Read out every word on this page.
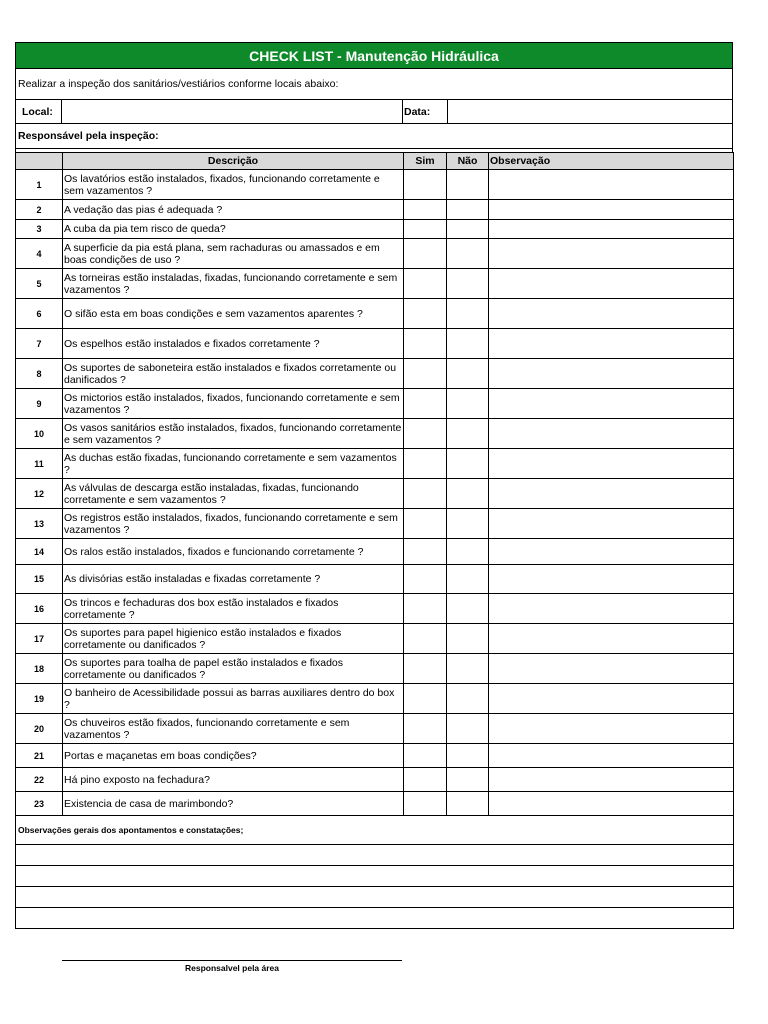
CHECK LIST - Manutenção Hidráulica
Realizar a inspeção dos sanitários/vestiários conforme locais abaixo:
Local:	Data:
Responsável pela inspeção:
	Descrição	Sim	Não	Observação
1	Os lavatórios estão instalados, fixados, funcionando corretamente e sem vazamentos ?			
2	A vedação das pias é adequada ?			
3	A cuba da pia tem risco de queda?			
4	A superficie da pia está plana, sem rachaduras ou amassados e em boas condições de uso ?			
5	As torneiras estão instaladas, fixadas, funcionando corretamente e sem vazamentos ?			
6	O sifão esta em boas condições e sem vazamentos aparentes ?			
7	Os espelhos estão instalados e fixados corretamente ?			
8	Os suportes de saboneteira estão instalados e fixados corretamente ou danificados ?			
9	Os mictorios estão instalados, fixados, funcionando corretamente e sem vazamentos ?			
10	Os vasos sanitários estão instalados, fixados, funcionando corretamente e sem vazamentos ?			
11	As duchas estão fixadas, funcionando corretamente e sem vazamentos ?			
12	As válvulas de descarga estão instaladas, fixadas, funcionando corretamente e sem vazamentos ?			
13	Os registros estão instalados, fixados, funcionando corretamente e sem vazamentos ?			
14	Os ralos estão instalados, fixados e funcionando corretamente ?			
15	As divisórias estão instaladas e fixadas corretamente ?			
16	Os trincos e fechaduras dos box estão instalados e fixados corretamente ?			
17	Os suportes para papel higienico estão instalados e fixados corretamente ou danificados ?			
18	Os suportes para toalha de papel estão instalados e fixados corretamente ou danificados ?			
19	O banheiro de Acessibilidade possui as barras auxiliares dentro do box ?			
20	Os chuveiros estão fixados, funcionando corretamente e sem vazamentos ?			
21	Portas e maçanetas em boas condições?			
22	Há pino exposto na fechadura?			
23	Existencia de casa de marimbondo?			
Observações gerais dos apontamentos e constatações;				

Responsalvel pela área
